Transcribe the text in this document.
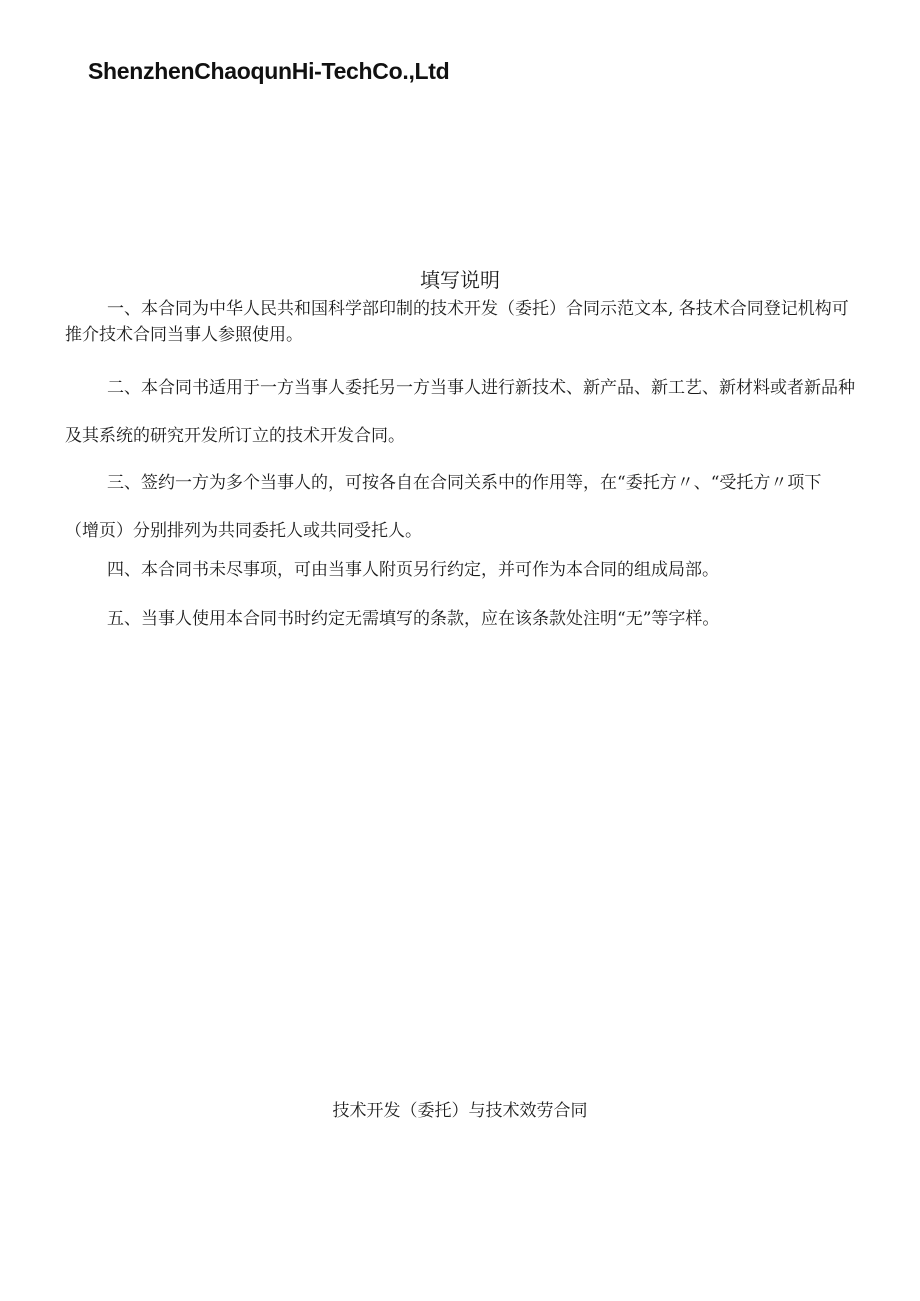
ShenzhenChaoqunHi-TechCo.,Ltd
填写说明

一、本合同为中华人民共和国科学部印制的技术开发（委托）合同示范文本, 各技术合同登记机构可推介技术合同当事人参照使用。

二、本合同书适用于一方当事人委托另一方当事人进行新技术、新产品、新工艺、新材料或者新品种及其系统的研究开发所订立的技术开发合同。

三、签约一方为多个当事人的，可按各自在合同关系中的作用等，在“委托方〃、“受托方〃项下（增页）分别排列为共同委托人或共同受托人。

四、本合同书未尽事项，可由当事人附页另行约定，并可作为本合同的组成局部。

五、当事人使用本合同书时约定无需填写的条款，应在该条款处注明“无”等字样。

技术开发（委托）与技术效劳合同
